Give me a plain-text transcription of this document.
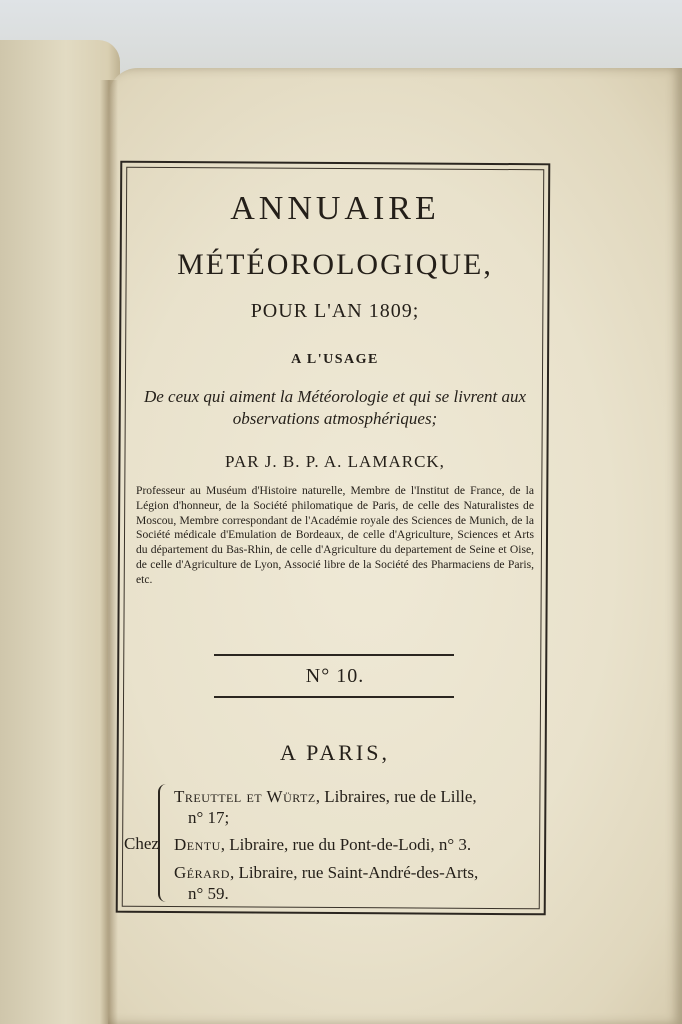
ANNUAIRE
MÉTÉOROLOGIQUE,
POUR L'AN 1809;
A L'USAGE
De ceux qui aiment la Météorologie et qui se livrent aux observations atmosphériques;
PAR J. B. P. A. LAMARCK,
Professeur au Muséum d'Histoire naturelle, Membre de l'Institut de France, de la Légion d'honneur, de la Société philomatique de Paris, de celle des Naturalistes de Moscou, Membre correspondant de l'Académie royale des Sciences de Munich, de la Société médicale d'Emulation de Bordeaux, de celle d'Agriculture, Sciences et Arts du département du Bas-Rhin, de celle d'Agriculture du departement de Seine et Oise, de celle d'Agriculture de Lyon, Associé libre de la Société des Pharmaciens de Paris, etc.
N° 10.
A PARIS,
Chez
Treuttel et Würtz, Libraires, rue de Lille,
n° 17;
Dentu, Libraire, rue du Pont-de-Lodi, n° 3.
Gérard, Libraire, rue Saint-André-des-Arts,
n° 59.
